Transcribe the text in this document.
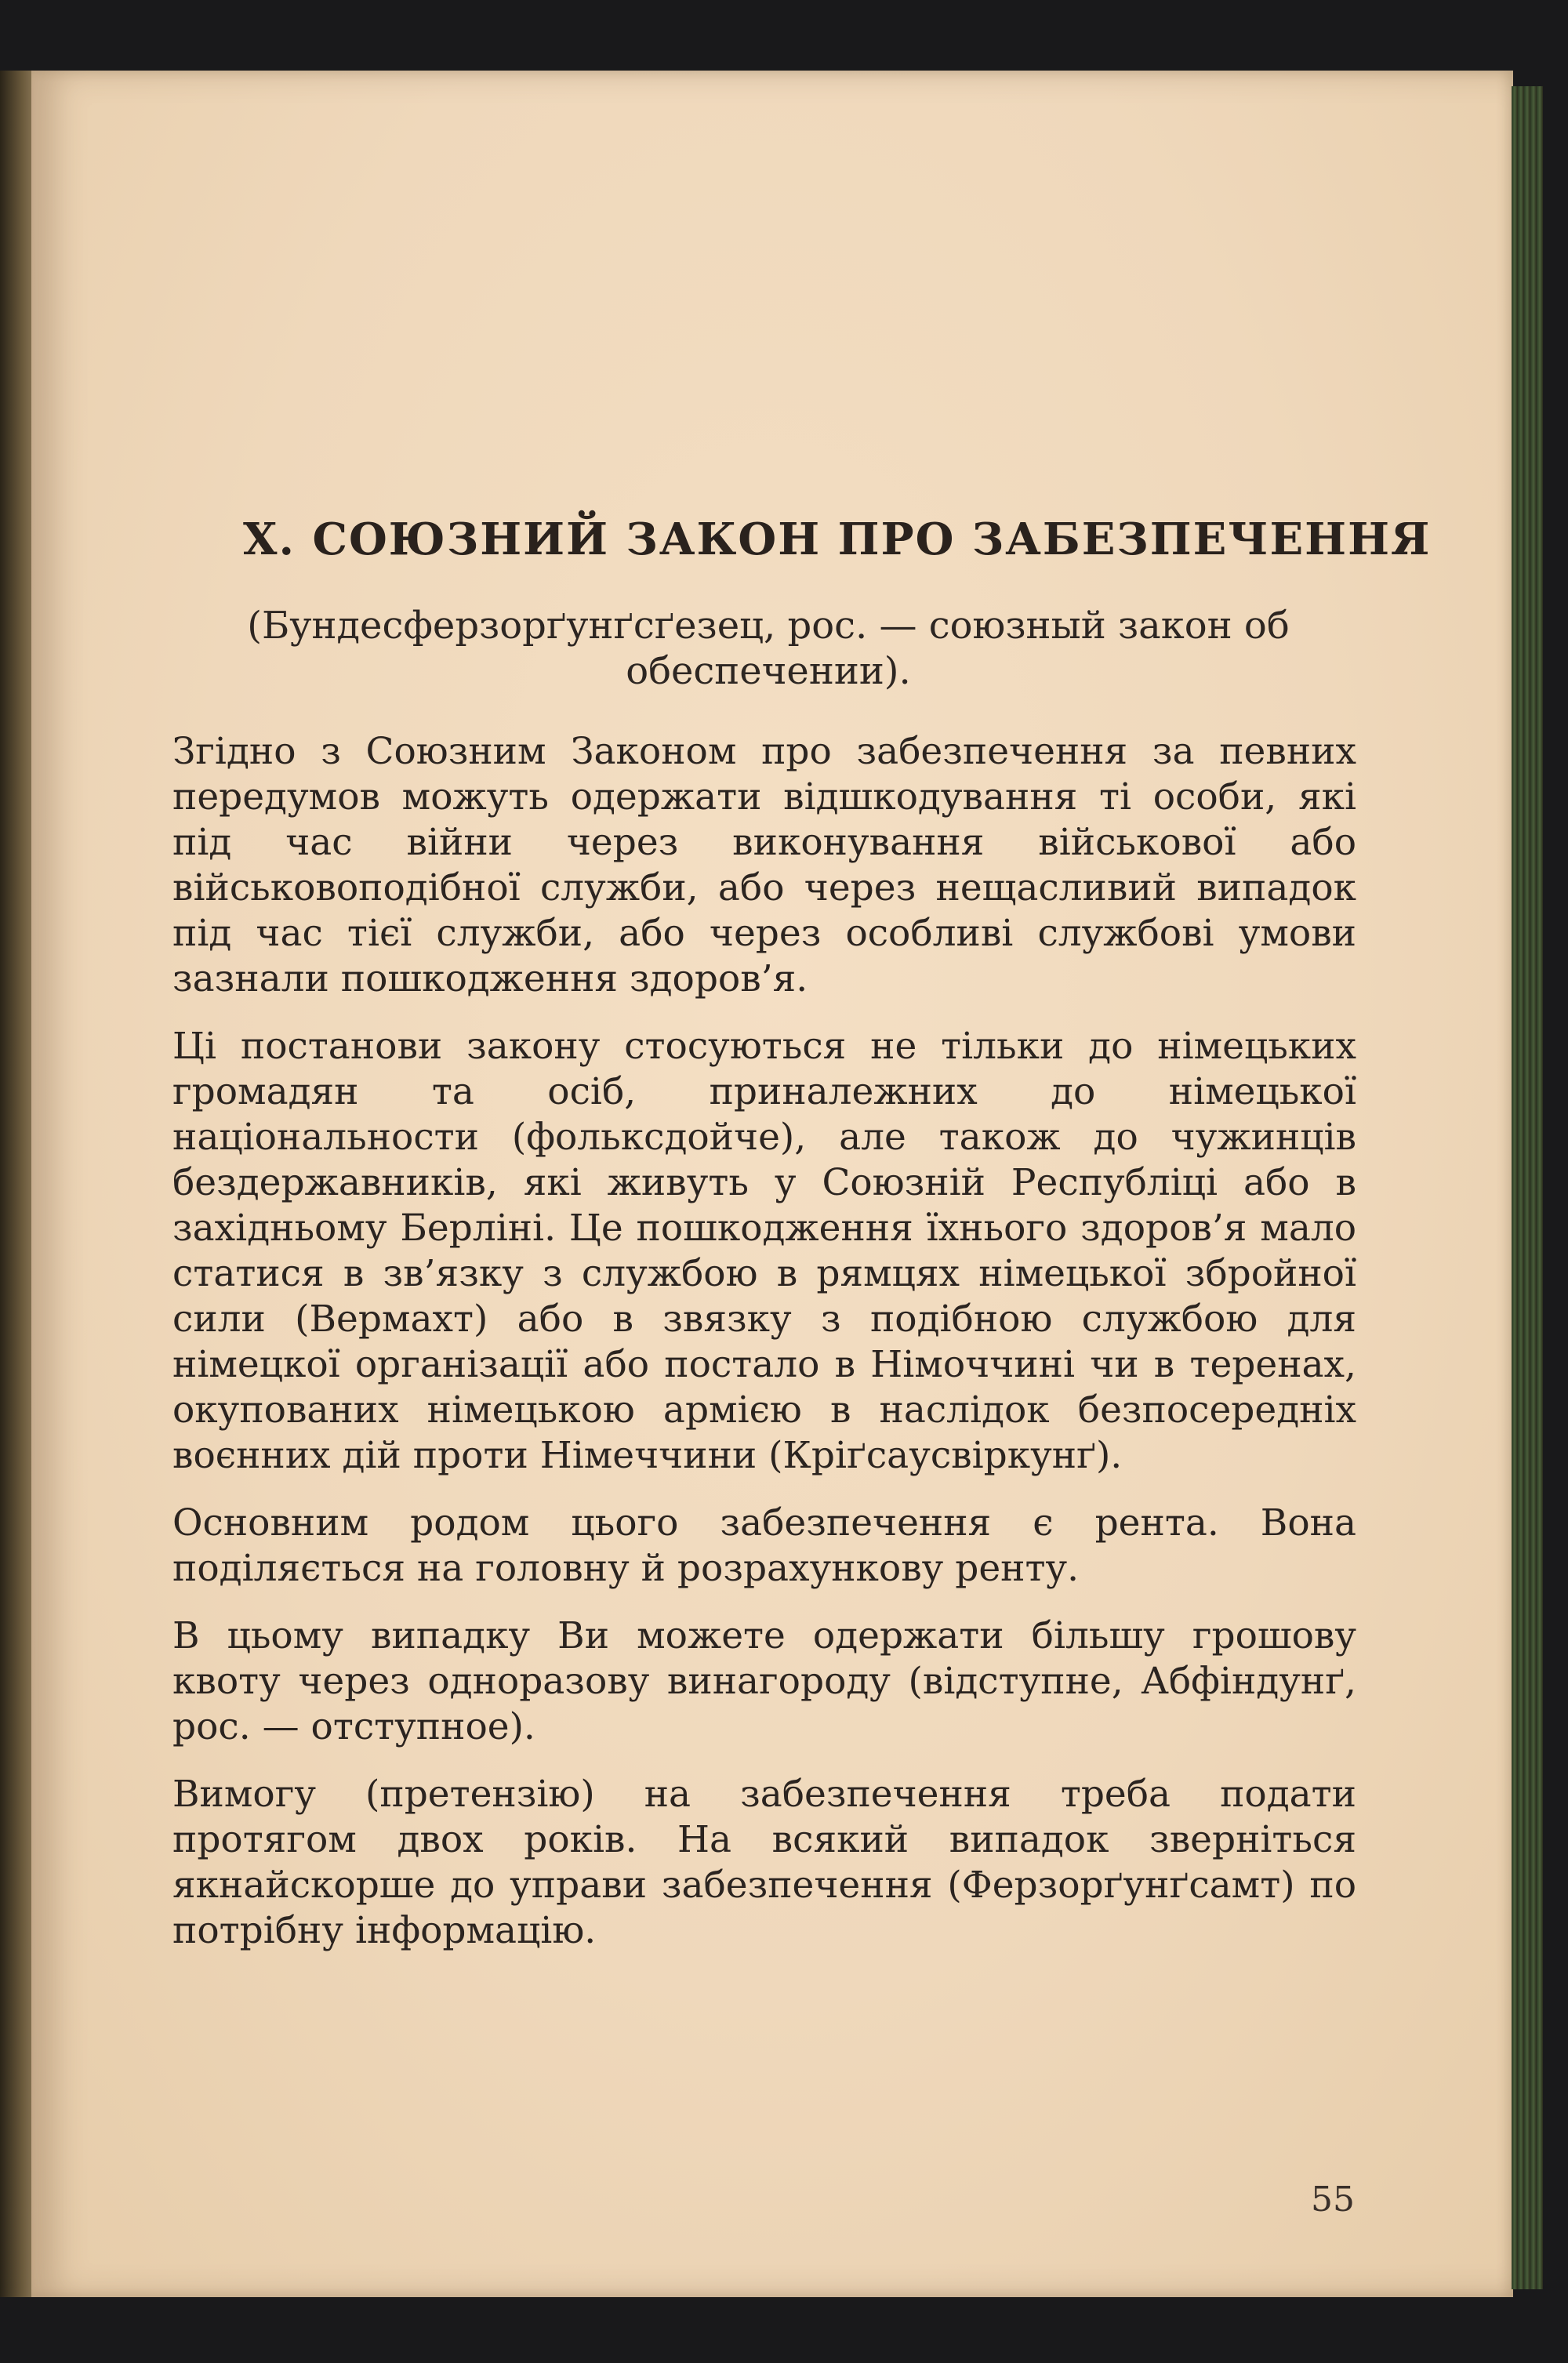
X. СОЮЗНИЙ ЗАКОН ПРО ЗАБЕЗПЕЧЕННЯ
(Бундесферзорґунґсґезец, рос. — союзный закон об обеспечении).

Згідно з Союзним Законом про забезпечення за певних передумов можуть одержати відшкодування ті особи, які під час війни через виконування військової або військовоподібної служби, або через нещасливий випадок під час тієї служби, або через особливі службові умови зазнали пошкодження здоров’я.

Ці постанови закону стосуються не тільки до німецьких громадян та осіб, приналежних до німецької національности (фольксдойче), але також до чужинців бездержавників, які живуть у Союзній Республіці або в західньому Берліні. Це пошкодження їхнього здоров’я мало статися в зв’язку з службою в рямцях німецької збройної сили (Вермахт) або в звязку з подібною службою для німецкої організації або постало в Німоччині чи в теренах, окупованих німецькою армією в наслідок безпосередніх воєнних дій проти Німеччини (Кріґсаусвіркунґ).

Основним родом цього забезпечення є рента. Вона поділяється на головну й розрахункову ренту.

В цьому випадку Ви можете одержати більшу грошову квоту через одноразову винагороду (відступне, Абфіндунґ, рос. — отступное).

Вимогу (претензію) на забезпечення треба подати протягом двох років. На всякий випадок зверніться якнайскорше до управи забезпечення (Ферзорґунґсамт) по потрібну інформацію.

55
